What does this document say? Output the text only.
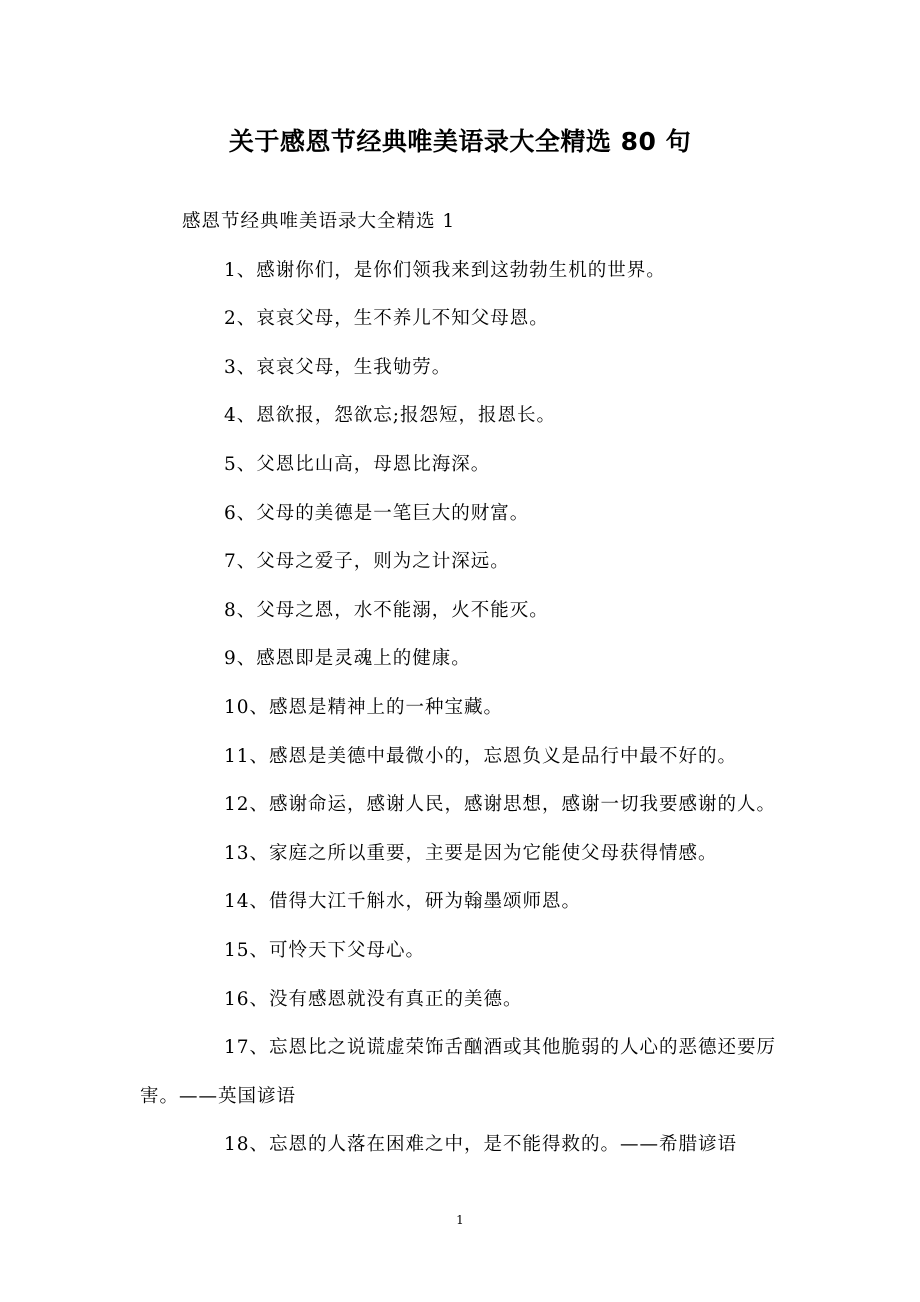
关于感恩节经典唯美语录大全精选 80 句

感恩节经典唯美语录大全精选 1

1、感谢你们，是你们领我来到这勃勃生机的世界。

2、哀哀父母，生不养儿不知父母恩。

3、哀哀父母，生我劬劳。

4、恩欲报，怨欲忘;报怨短，报恩长。

5、父恩比山高，母恩比海深。

6、父母的美德是一笔巨大的财富。

7、父母之爱子，则为之计深远。

8、父母之恩，水不能溺，火不能灭。

9、感恩即是灵魂上的健康。

10、感恩是精神上的一种宝藏。

11、感恩是美德中最微小的，忘恩负义是品行中最不好的。

12、感谢命运，感谢人民，感谢思想，感谢一切我要感谢的人。

13、家庭之所以重要，主要是因为它能使父母获得情感。

14、借得大江千斛水，研为翰墨颂师恩。

15、可怜天下父母心。

16、没有感恩就没有真正的美德。

17、忘恩比之说谎虚荣饰舌酗酒或其他脆弱的人心的恶德还要厉害。——英国谚语

18、忘恩的人落在困难之中，是不能得救的。——希腊谚语

1
